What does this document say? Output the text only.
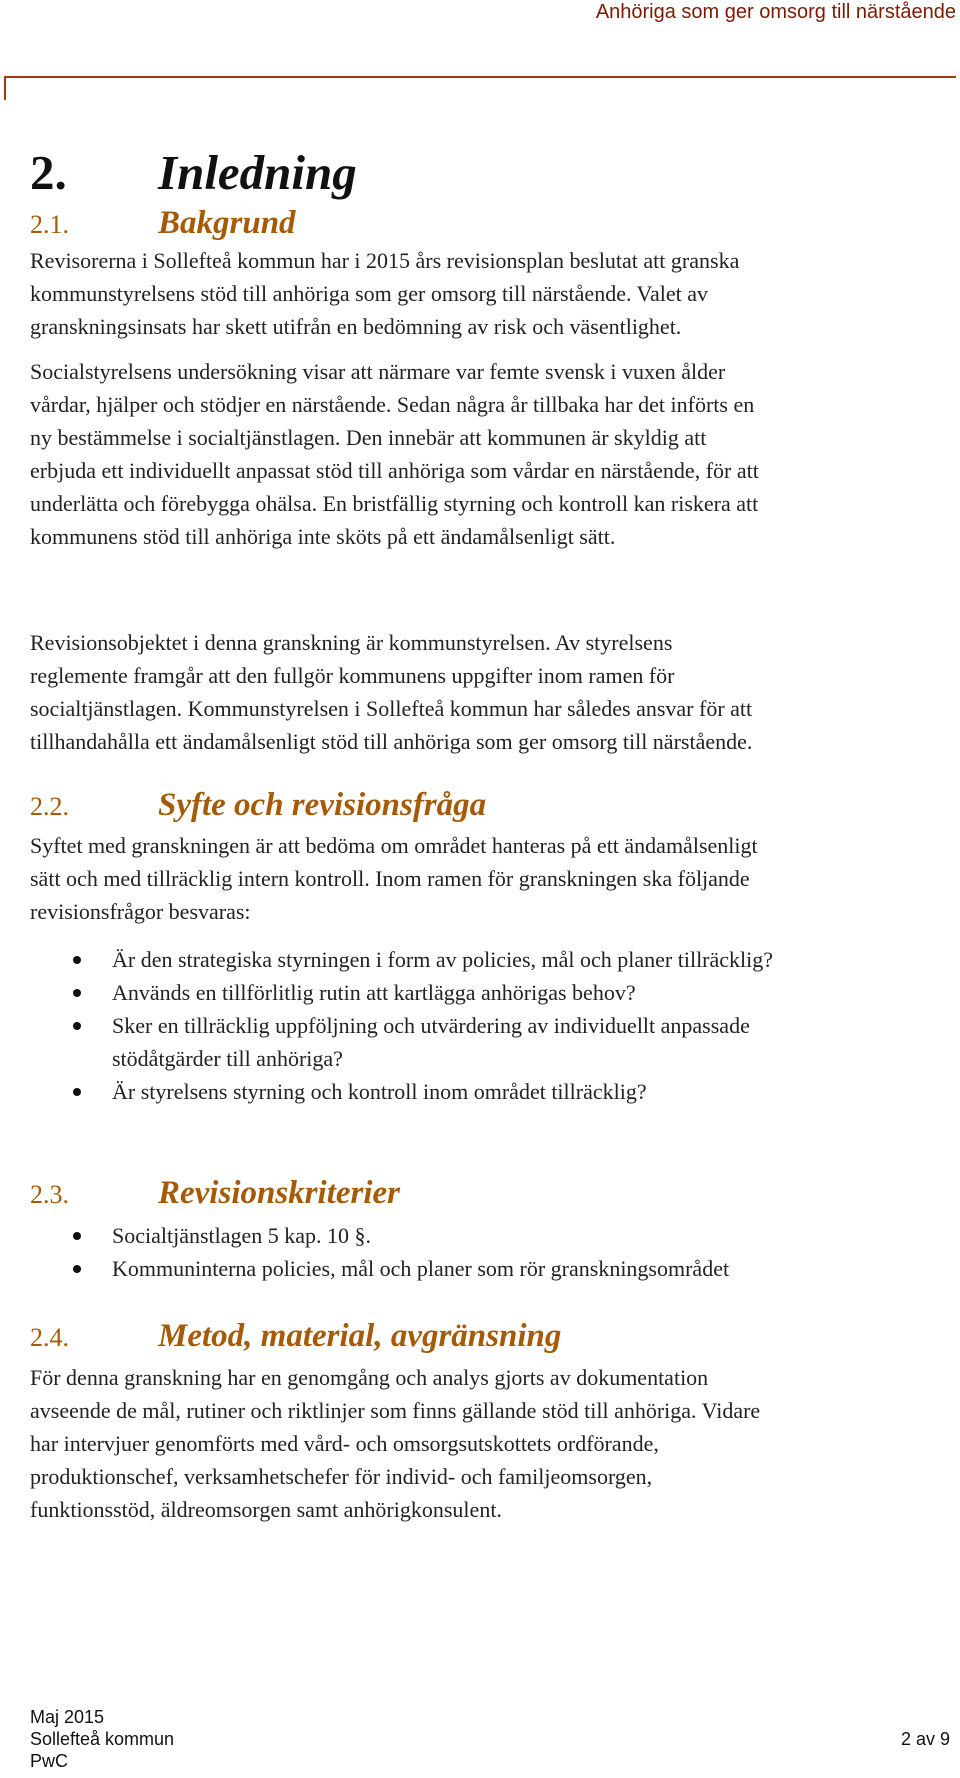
Anhöriga som ger omsorg till närstående
2. Inledning
2.1.	Bakgrund

Revisorerna i Sollefteå kommun har i 2015 års revisionsplan beslutat att granska
kommunstyrelsens stöd till anhöriga som ger omsorg till närstående. Valet av
granskningsinsats har skett utifrån en bedömning av risk och väsentlighet.

Socialstyrelsens undersökning visar att närmare var femte svensk i vuxen ålder
vårdar, hjälper och stödjer en närstående. Sedan några år tillbaka har det införts en
ny bestämmelse i socialtjänstlagen. Den innebär att kommunen är skyldig att
erbjuda ett individuellt anpassat stöd till anhöriga som vårdar en närstående, för att
underlätta och förebygga ohälsa. En bristfällig styrning och kontroll kan riskera att
kommunens stöd till anhöriga inte sköts på ett ändamålsenligt sätt.

Revisionsobjektet i denna granskning är kommunstyrelsen. Av styrelsens
reglemente framgår att den fullgör kommunens uppgifter inom ramen för
socialtjänstlagen. Kommunstyrelsen i Sollefteå kommun har således ansvar för att
tillhandahålla ett ändamålsenligt stöd till anhöriga som ger omsorg till närstående.

2.2.	Syfte och revisionsfråga

Syftet med granskningen är att bedöma om området hanteras på ett ändamålsenligt
sätt och med tillräcklig intern kontroll. Inom ramen för granskningen ska följande
revisionsfrågor besvaras:

Är den strategiska styrningen i form av policies, mål och planer tillräcklig?
Används en tillförlitlig rutin att kartlägga anhörigas behov?
Sker en tillräcklig uppföljning och utvärdering av individuellt anpassade
stödåtgärder till anhöriga?
Är styrelsens styrning och kontroll inom området tillräcklig?
2.3.	Revisionskriterier
Socialtjänstlagen 5 kap. 10 §.
Kommuninterna policies, mål och planer som rör granskningsområdet
2.4.	Metod, material, avgränsning

För denna granskning har en genomgång och analys gjorts av dokumentation
avseende de mål, rutiner och riktlinjer som finns gällande stöd till anhöriga. Vidare
har intervjuer genomförts med vård- och omsorgsutskottets ordförande,
produktionschef, verksamhetschefer för individ- och familjeomsorgen,
funktionsstöd, äldreomsorgen samt anhörigkonsulent.

Maj 2015
Sollefteå kommun
PwC
2 av 9
